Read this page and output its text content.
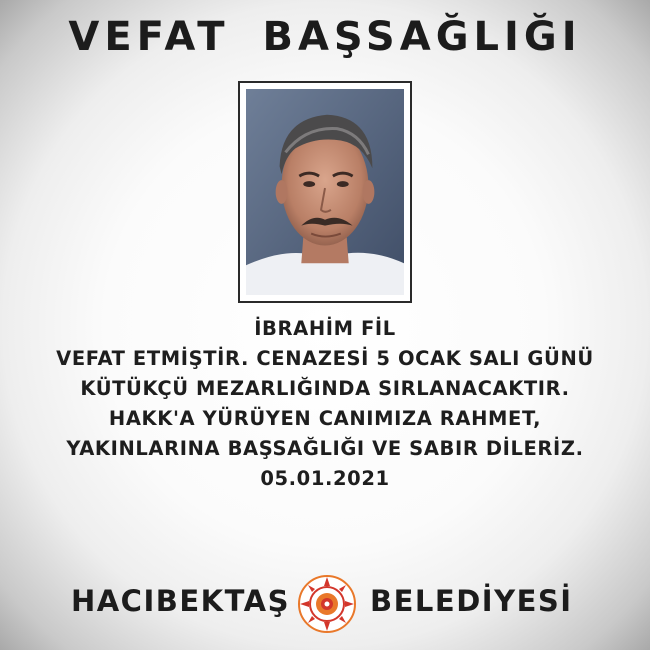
VEFAT BAŞSAĞLIĞI
İBRAHİM FİL
VEFAT ETMİŞTİR. CENAZESİ 5 OCAK SALI GÜNÜ
KÜTÜKÇÜ MEZARLIĞINDA SIRLANACAKTIR.
HAKK'A YÜRÜYEN CANIMIZA RAHMET,
YAKINLARINA BAŞSAĞLIĞI VE SABIR DİLERİZ.
05.01.2021
HACIBEKTAŞ	BELEDİYESİ
